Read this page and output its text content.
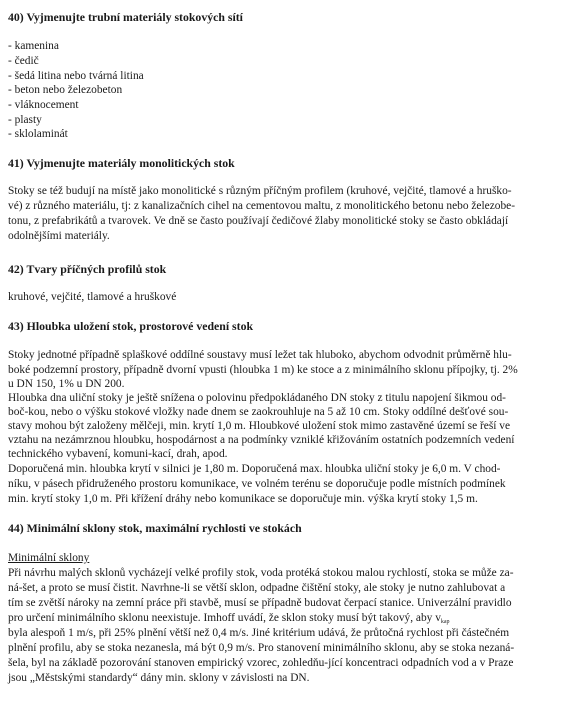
40) Vyjmenujte trubní materiály stokových sítí
- kamenina
- čedič
- šedá litina nebo tvárná litina
- beton nebo železobeton
- vláknocement
- plasty
- sklolaminát
41) Vyjmenujte materiály monolitických stok
Stoky se též budují na místě jako monolitické s různým příčným profilem (kruhové, vejčité, tlamové a hruško-
vé) z různého materiálu, tj: z kanalizačních cihel na cementovou maltu, z monolitického betonu nebo železobe-
tonu, z prefabrikátů a tvarovek. Ve dně se často používají čedičové žlaby monolitické stoky se často obkládají
odolnějšími materiály.
42) Tvary příčných profilů stok
kruhové, vejčité, tlamové a hruškové
43) Hloubka uložení stok, prostorové vedení stok
Stoky jednotné případně splaškové oddílné soustavy musí ležet tak hluboko, abychom odvodnit průměrně hlu-
boké podzemní prostory, případně dvorní vpusti (hloubka 1 m) ke stoce a z minimálního sklonu přípojky, tj. 2%
u DN 150, 1% u DN 200.
Hloubka dna uliční stoky je ještě snížena o polovinu předpokládaného DN stoky z titulu napojení šikmou od-
boč-kou, nebo o výšku stokové vložky nade dnem se zaokrouhluje na 5 až 10 cm. Stoky oddílné dešťové sou-
stavy mohou být založeny mělčeji, min. krytí 1,0 m. Hloubkové uložení stok mimo zastavěné území se řeší ve
vztahu na nezámrznou hloubku, hospodárnost a na podmínky vzniklé křižováním ostatních podzemních vedení
technického vybavení, komuni-kací, drah, apod.
Doporučená min. hloubka krytí v silnici je 1,80 m. Doporučená max. hloubka uliční stoky je 6,0 m. V chod-
níku, v pásech přidruženého prostoru komunikace, ve volném terénu se doporučuje podle místních podmínek
min. krytí stoky 1,0 m. Při křížení dráhy nebo komunikace se doporučuje min. výška krytí stoky 1,5 m.
44) Minimální sklony stok, maximální rychlosti ve stokách
Minimální sklony
Při návrhu malých sklonů vycházejí velké profily stok, voda protéká stokou malou rychlostí, stoka se může za-
ná-šet, a proto se musí čistit. Navrhne-li se větší sklon, odpadne čištění stoky, ale stoky je nutno zahlubovat a
tím se zvětší nároky na zemní práce při stavbě, musí se případně budovat čerpací stanice. Univerzální pravidlo
pro určení minimálního sklonu neexistuje. Imhoff uvádí, že sklon stoky musí být takový, aby $v_{kap}$
byla alespoň 1 m/s, při 25% plnění větší než 0,4 m/s. Jiné kritérium udává, že průtočná rychlost při částečném
plnění profilu, aby se stoka nezanesla, má být 0,9 m/s. Pro stanovení minimálního sklonu, aby se stoka nezaná-
šela, byl na základě pozorování stanoven empirický vzorec, zohledňu-jící koncentraci odpadních vod a v Praze
jsou „Městskými standardy“ dány min. sklony v závislosti na DN.
